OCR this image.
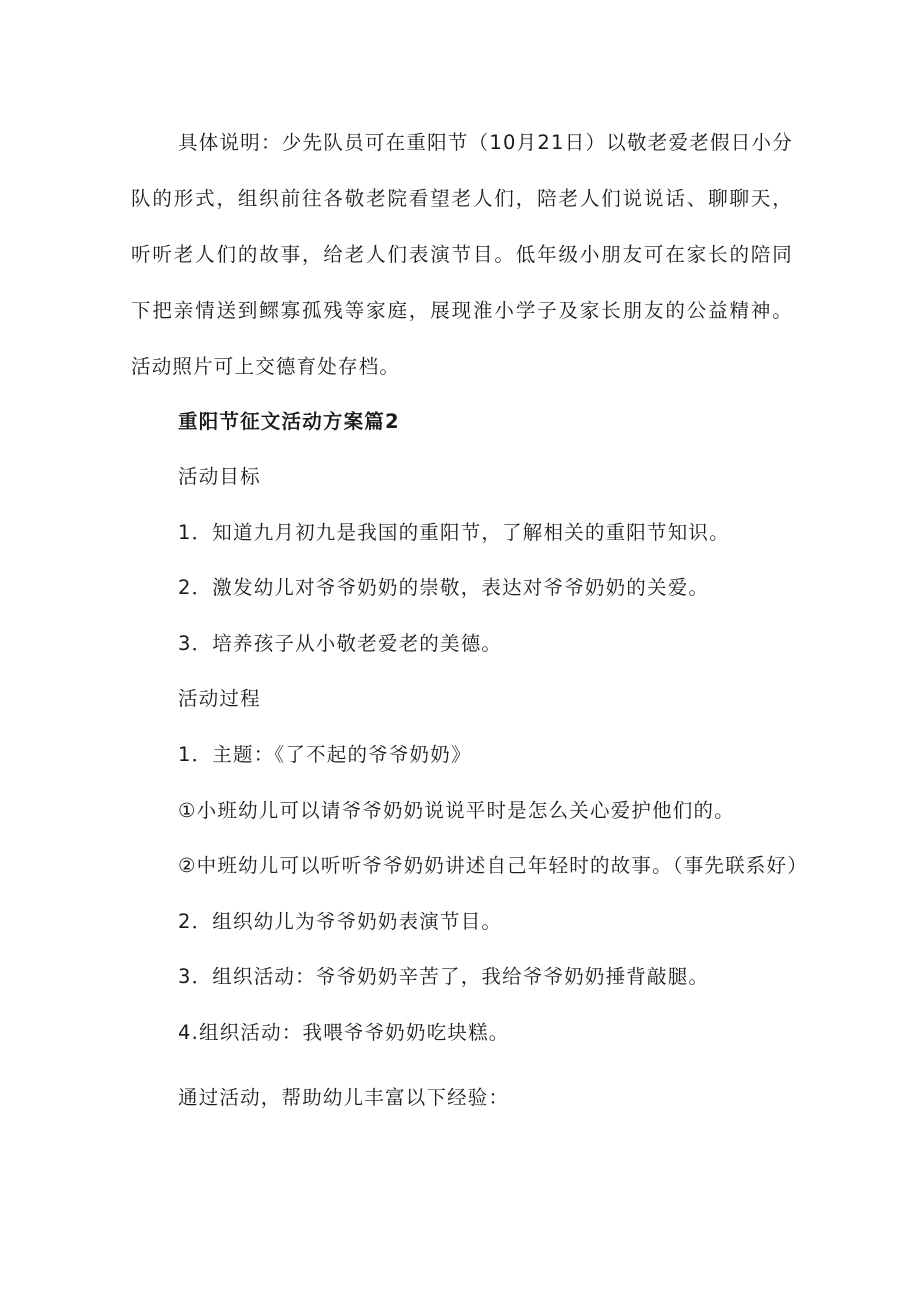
具体说明：少先队员可在重阳节（10月21日）以敬老爱老假日小分队的形式，组织前往各敬老院看望老人们，陪老人们说说话、聊聊天，听听老人们的故事，给老人们表演节目。低年级小朋友可在家长的陪同下把亲情送到鳏寡孤残等家庭，展现淮小学子及家长朋友的公益精神。活动照片可上交德育处存档。

重阳节征文活动方案篇2

活动目标

1．知道九月初九是我国的重阳节，了解相关的重阳节知识。

2．激发幼儿对爷爷奶奶的崇敬，表达对爷爷奶奶的关爱。

3．培养孩子从小敬老爱老的美德。

活动过程

1．主题：《了不起的爷爷奶奶》

①小班幼儿可以请爷爷奶奶说说平时是怎么关心爱护他们的。

②中班幼儿可以听听爷爷奶奶讲述自己年轻时的故事。（事先联系好）

2．组织幼儿为爷爷奶奶表演节目。

3．组织活动：爷爷奶奶辛苦了，我给爷爷奶奶捶背敲腿。

4.组织活动：我喂爷爷奶奶吃块糕。

通过活动，帮助幼儿丰富以下经验：
